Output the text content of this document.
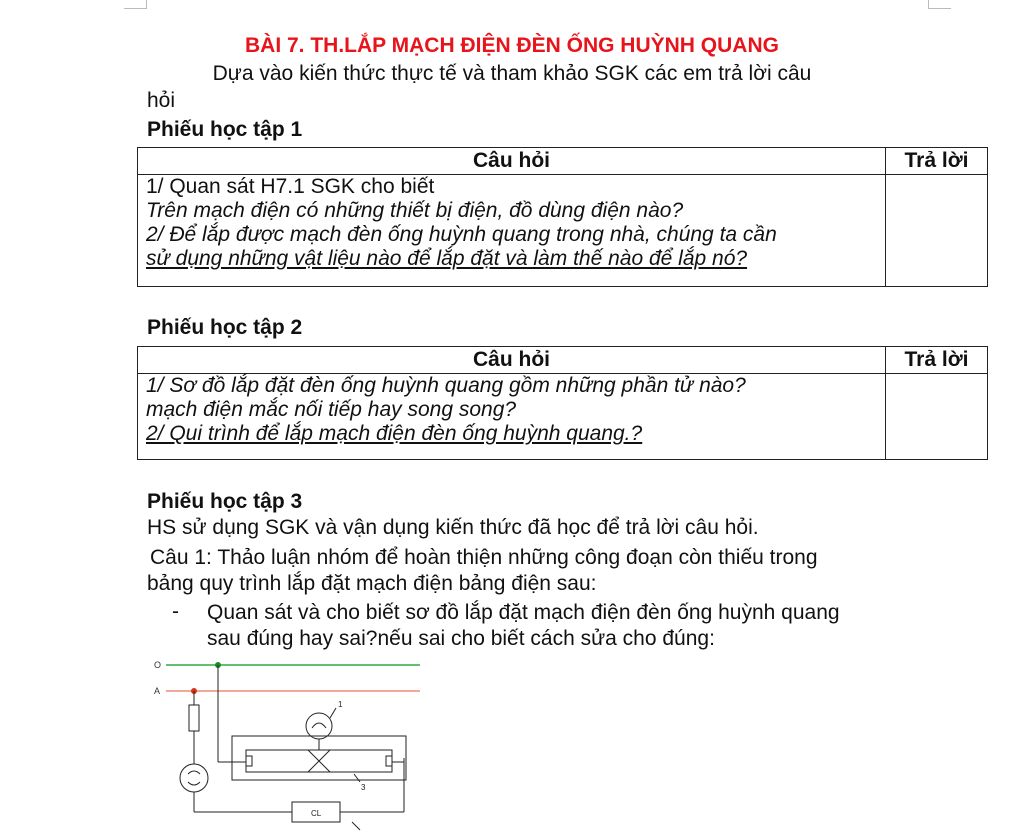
BÀI 7. TH.LẮP MẠCH ĐIỆN ĐÈN ỐNG HUỲNH QUANG
Dựa vào kiến thức thực tế và tham khảo SGK các em trả lời câu
hỏi
Phiếu học tập 1
Câu hỏi	Trả lời

1/ Quan sát H7.1 SGK cho biết
Trên mạch điện có những thiết bị điện, đồ dùng điện nào?
2/ Để lắp được mạch đèn ống huỳnh quang trong nhà, chúng ta cần
sử dụng những vật liệu nào để lắp đặt và làm thế nào để lắp nó?	

Phiếu học tập 2
Câu hỏi	Trả lời

1/ Sơ đồ lắp đặt đèn ống huỳnh quang gồm những phần tử nào?
mạch điện mắc nối tiếp hay song song?
2/ Qui trình để lắp mạch điện đèn ống huỳnh quang.?	

Phiếu học tập 3
HS sử dụng SGK và vận dụng kiến thức đã học để trả lời câu hỏi.
Câu 1: Thảo luận nhóm để hoàn thiện những công đoạn còn thiếu trong
bảng quy trình lắp đặt mạch điện bảng điện sau:
- Quan sát và cho biết sơ đồ lắp đặt mạch điện đèn ống huỳnh quang
sau đúng hay sai?nếu sai cho biết cách sửa cho đúng:
O
A
CL
1
3
